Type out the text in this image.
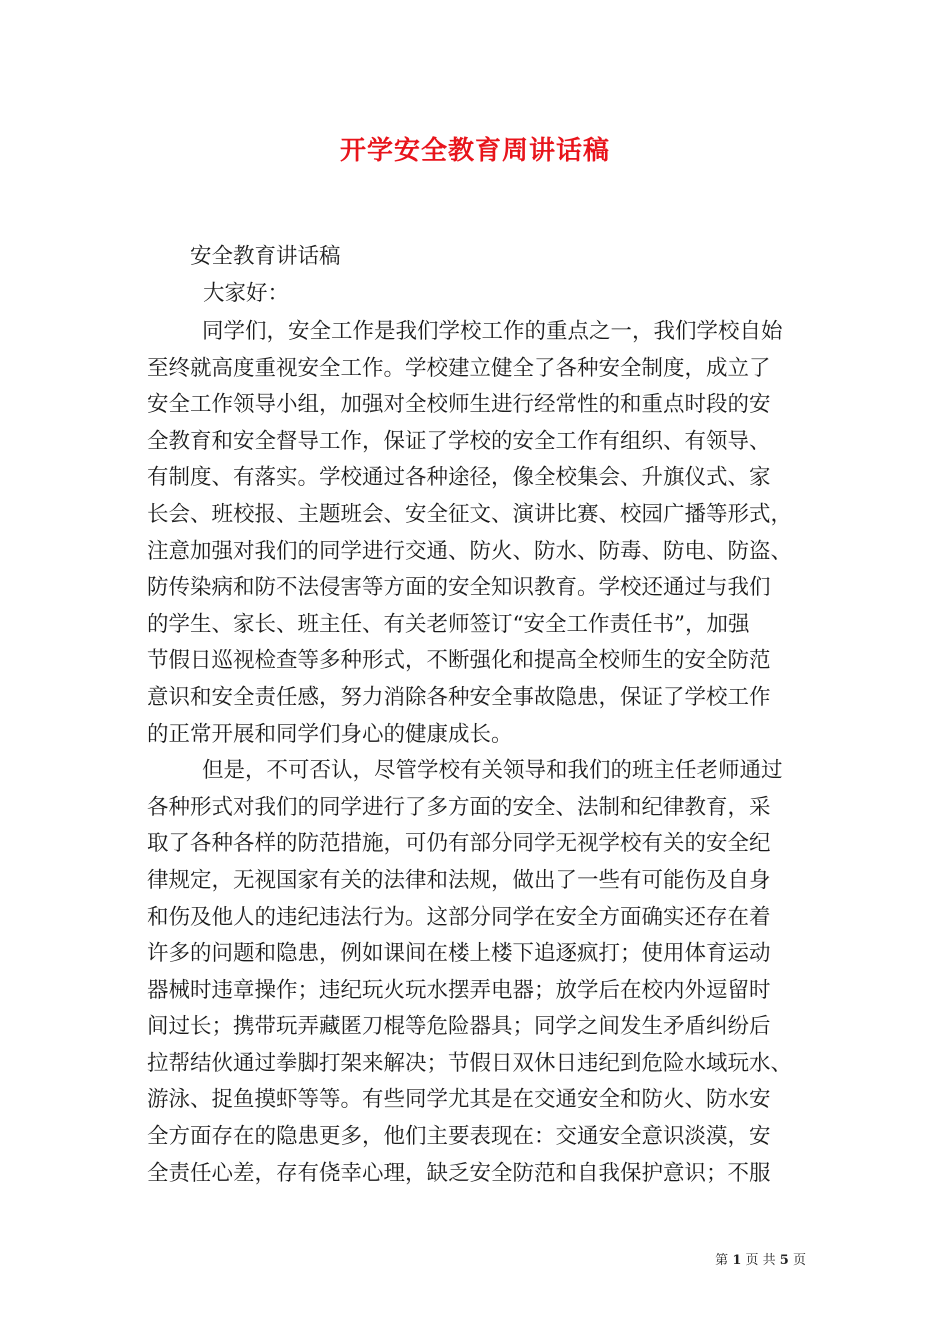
开学安全教育周讲话稿
安全教育讲话稿
大家好：
同学们，安全工作是我们学校工作的重点之一，我们学校自始
至终就高度重视安全工作。学校建立健全了各种安全制度，成立了
安全工作领导小组，加强对全校师生进行经常性的和重点时段的安
全教育和安全督导工作，保证了学校的安全工作有组织、有领导、
有制度、有落实。学校通过各种途径，像全校集会、升旗仪式、家
长会、班校报、主题班会、安全征文、演讲比赛、校园广播等形式，
注意加强对我们的同学进行交通、防火、防水、防毒、防电、防盗、
防传染病和防不法侵害等方面的安全知识教育。学校还通过与我们
的学生、家长、班主任、有关老师签订“安全工作责任书”，加强
节假日巡视检查等多种形式，不断强化和提高全校师生的安全防范
意识和安全责任感，努力消除各种安全事故隐患，保证了学校工作
的正常开展和同学们身心的健康成长。
但是，不可否认，尽管学校有关领导和我们的班主任老师通过
各种形式对我们的同学进行了多方面的安全、法制和纪律教育，采
取了各种各样的防范措施，可仍有部分同学无视学校有关的安全纪
律规定，无视国家有关的法律和法规，做出了一些有可能伤及自身
和伤及他人的违纪违法行为。这部分同学在安全方面确实还存在着
许多的问题和隐患，例如课间在楼上楼下追逐疯打；使用体育运动
器械时违章操作；违纪玩火玩水摆弄电器；放学后在校内外逗留时
间过长；携带玩弄藏匿刀棍等危险器具；同学之间发生矛盾纠纷后
拉帮结伙通过拳脚打架来解决；节假日双休日违纪到危险水域玩水、
游泳、捉鱼摸虾等等。有些同学尤其是在交通安全和防火、防水安
全方面存在的隐患更多，他们主要表现在：交通安全意识淡漠，安
全责任心差，存有侥幸心理，缺乏安全防范和自我保护意识；不服
第 1 页 共 5 页
